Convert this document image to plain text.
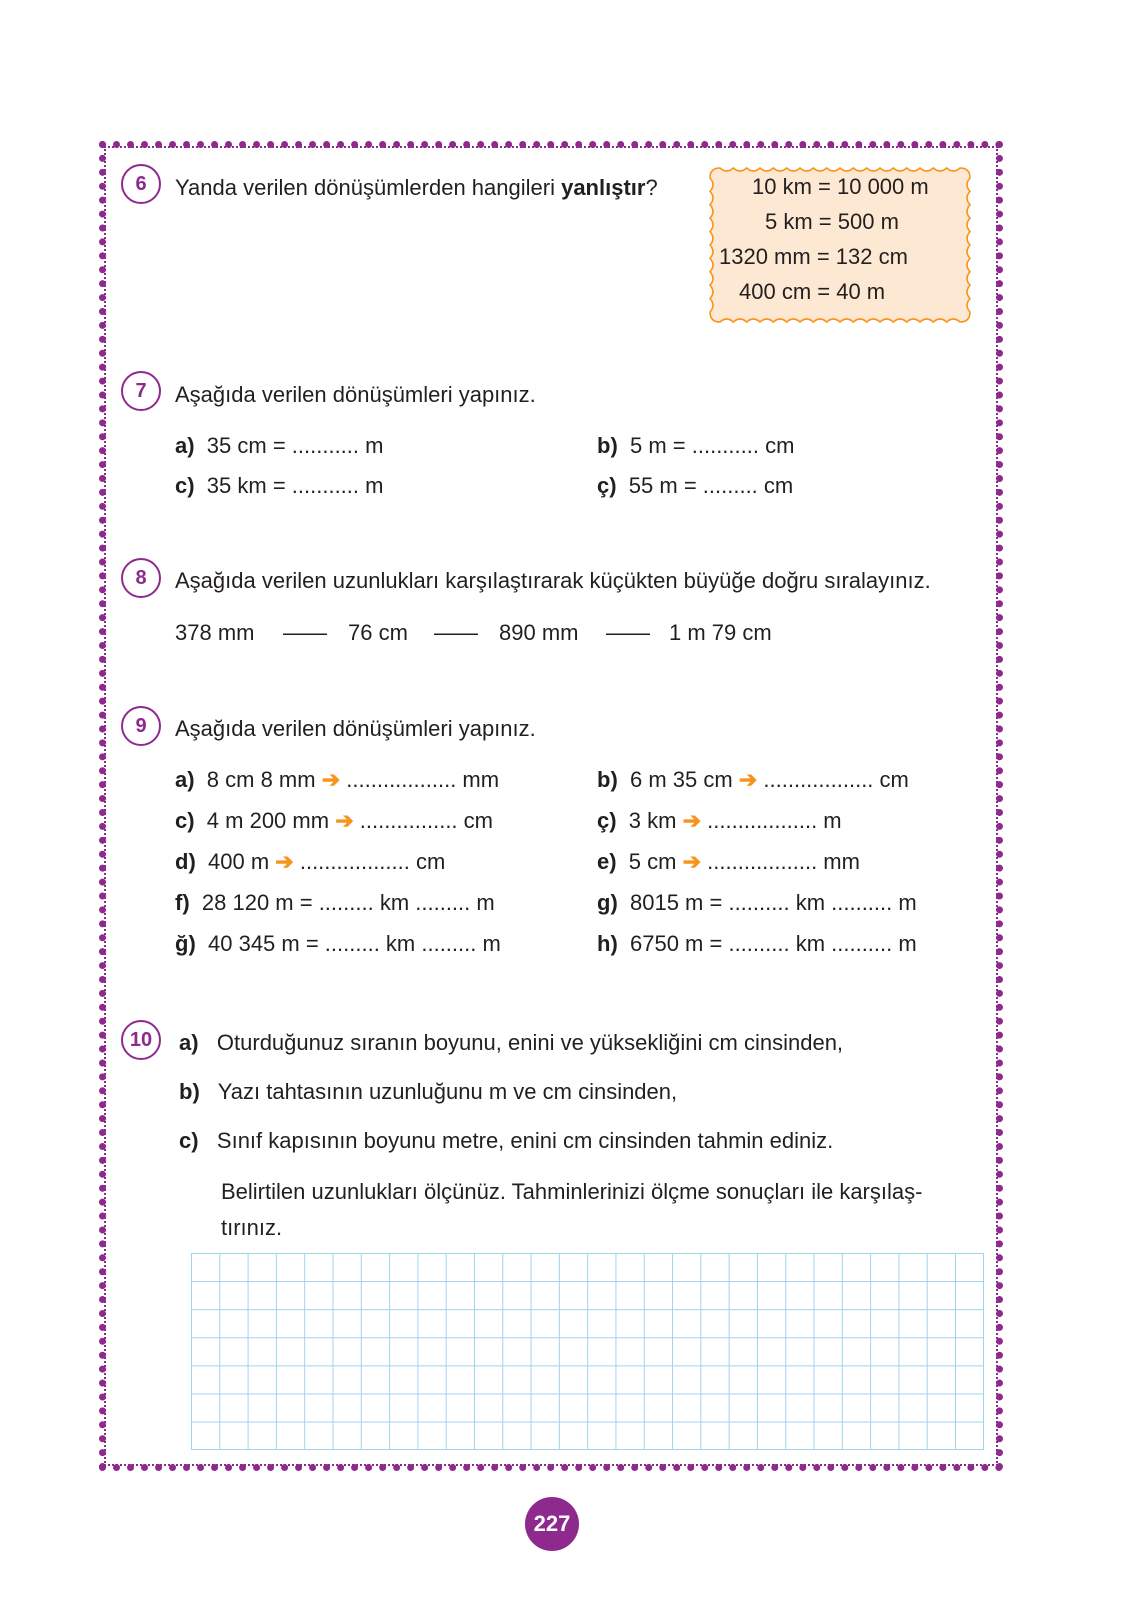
6	Yanda verilen dönüşümlerden hangileri yanlıştır?	10 km = 10 000 m
5 km = 500 m
1320 mm = 132 cm
400 cm = 40 m
7	Aşağıda verilen dönüşümleri yapınız.
a) 35 cm = ........... m	b) 5 m = ........... cm
c) 35 km = ........... m	ç) 55 m = ......... cm
8	Aşağıda verilen uzunlukları karşılaştırarak küçükten büyüğe doğru sıralayınız.
378 mm —— 76 cm —— 890 mm —— 1 m 79 cm
9	Aşağıda verilen dönüşümleri yapınız.
a) 8 cm 8 mm ➔ .................. mm	b) 6 m 35 cm ➔ .................. cm
c) 4 m 200 mm ➔ ................ cm	ç) 3 km ➔ .................. m
d) 400 m ➔ .................. cm	e) 5 cm ➔ .................. mm
f) 28 120 m = ......... km ......... m	g) 8015 m = .......... km .......... m
ğ) 40 345 m = ......... km ......... m	h) 6750 m = .......... km .......... m
10	a) Oturduğunuz sıranın boyunu, enini ve yüksekliğini cm cinsinden,
b) Yazı tahtasının uzunluğunu m ve cm cinsinden,
c) Sınıf kapısının boyunu metre, enini cm cinsinden tahmin ediniz.
Belirtilen uzunlukları ölçünüz. Tahminlerinizi ölçme sonuçları ile karşılaş-
tırınız.
227
